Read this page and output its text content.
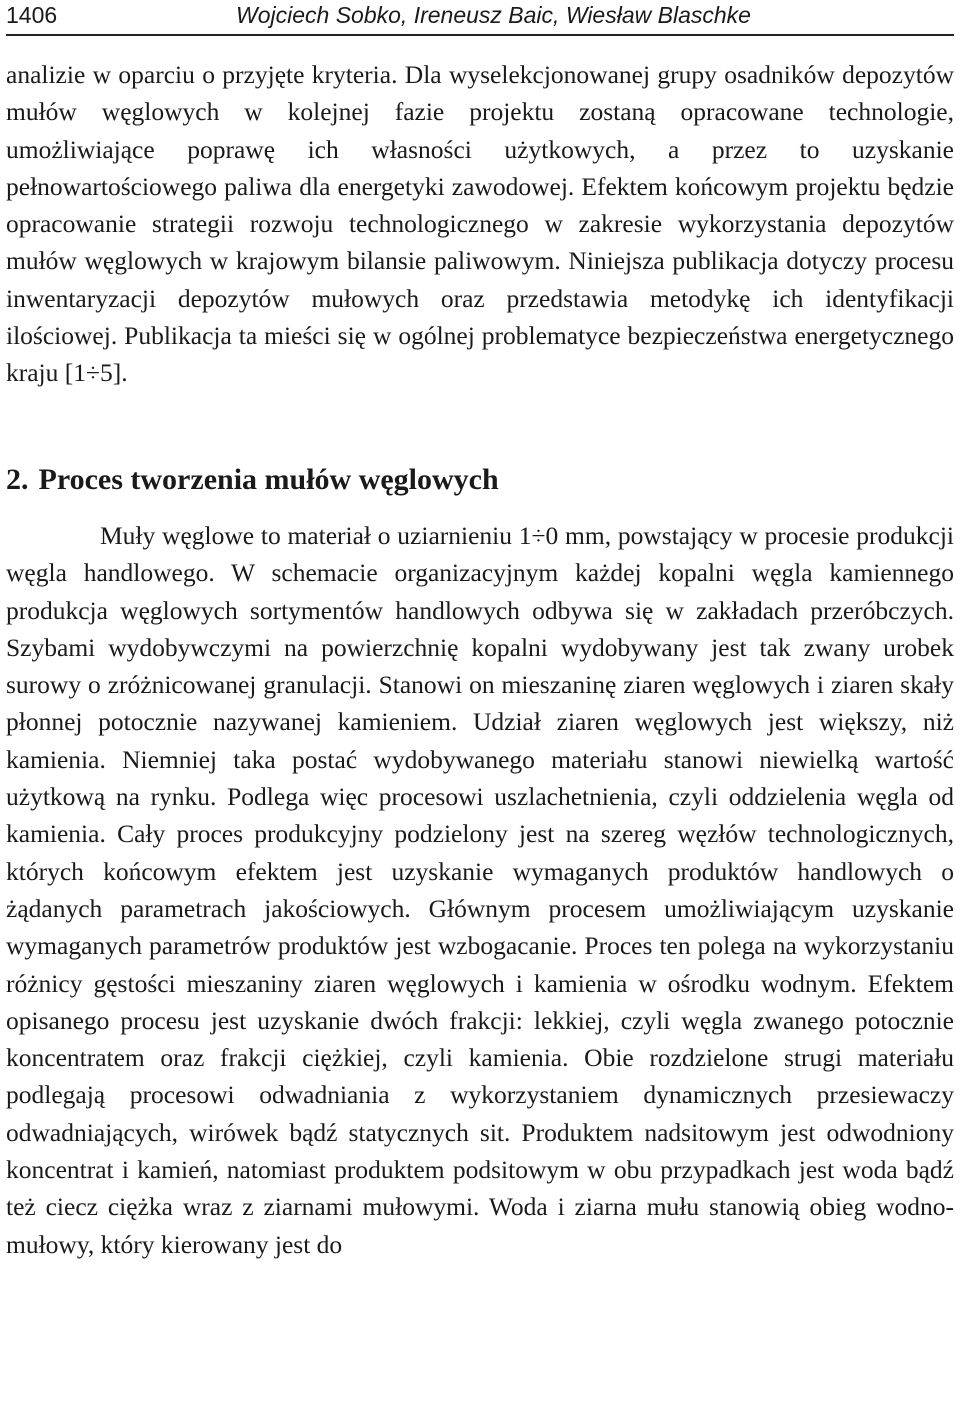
1406	Wojciech Sobko, Ireneusz Baic, Wiesław Blaschke
analizie w oparciu o przyjęte kryteria. Dla wyselekcjonowanej grupy osadników depozytów mułów węglowych w kolejnej fazie projektu zostaną opracowane technologie, umożliwiające poprawę ich własności użytkowych, a przez to uzyskanie pełnowartościowego paliwa dla energetyki zawodowej. Efektem końcowym projektu będzie opracowanie strategii rozwoju technologicznego w zakresie wykorzystania depozytów mułów węglowych w krajowym bilansie paliwowym. Niniejsza publikacja dotyczy procesu inwentaryzacji depozytów mułowych oraz przedstawia metodykę ich identyfikacji ilościowej. Publikacja ta mieści się w ogólnej problematyce bezpieczeństwa energetycznego kraju [1÷5].
2. Proces tworzenia mułów węglowych
Muły węglowe to materiał o uziarnieniu 1÷0 mm, powstający w procesie produkcji węgla handlowego. W schemacie organizacyjnym każdej kopalni węgla kamiennego produkcja węglowych sortymentów handlowych odbywa się w zakładach przeróbczych. Szybami wydobywczymi na powierzchnię kopalni wydobywany jest tak zwany urobek surowy o zróżnicowanej granulacji. Stanowi on mieszaninę ziaren węglowych i ziaren skały płonnej potocznie nazywanej kamieniem. Udział ziaren węglowych jest większy, niż kamienia. Niemniej taka postać wydobywanego materiału stanowi niewielką wartość użytkową na rynku. Podlega więc procesowi uszlachetnienia, czyli oddzielenia węgla od kamienia. Cały proces produkcyjny podzielony jest na szereg węzłów technologicznych, których końcowym efektem jest uzyskanie wymaganych produktów handlowych o żądanych parametrach jakościowych. Głównym procesem umożliwiającym uzyskanie wymaganych parametrów produktów jest wzbogacanie. Proces ten polega na wykorzystaniu różnicy gęstości mieszaniny ziaren węglowych i kamienia w ośrodku wodnym. Efektem opisanego procesu jest uzyskanie dwóch frakcji: lekkiej, czyli węgla zwanego potocznie koncentratem oraz frakcji ciężkiej, czyli kamienia. Obie rozdzielone strugi materiału podlegają procesowi odwadniania z wykorzystaniem dynamicznych przesiewaczy odwadniających, wirówek bądź statycznych sit. Produktem nadsitowym jest odwodniony koncentrat i kamień, natomiast produktem podsitowym w obu przypadkach jest woda bądź też ciecz ciężka wraz z ziarnami mułowymi. Woda i ziarna mułu stanowią obieg wodno-mułowy, który kierowany jest do
